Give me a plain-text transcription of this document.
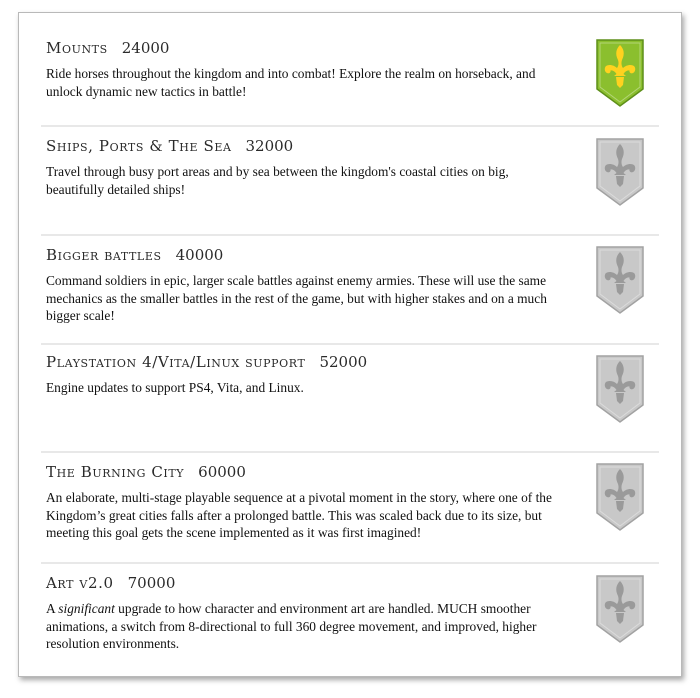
Mounts 24000
Ride horses throughout the kingdom and into combat! Explore the realm on horseback, and unlock dynamic new tactics in battle!
Ships, Ports & The Sea 32000
Travel through busy port areas and by sea between the kingdom's coastal cities on big, beautifully detailed ships!
Bigger battles 40000
Command soldiers in epic, larger scale battles against enemy armies. These will use the same mechanics as the smaller battles in the rest of the game, but with higher stakes and on a much bigger scale!
Playstation 4/Vita/Linux support 52000
Engine updates to support PS4, Vita, and Linux.
The Burning City 60000
An elaborate, multi-stage playable sequence at a pivotal moment in the story, where one of the Kingdom’s great cities falls after a prolonged battle. This was scaled back due to its size, but meeting this goal gets the scene implemented as it was first imagined!
Art v2.0 70000
A significant upgrade to how character and environment art are handled. MUCH smoother animations, a switch from 8-directional to full 360 degree movement, and improved, higher resolution environments.
